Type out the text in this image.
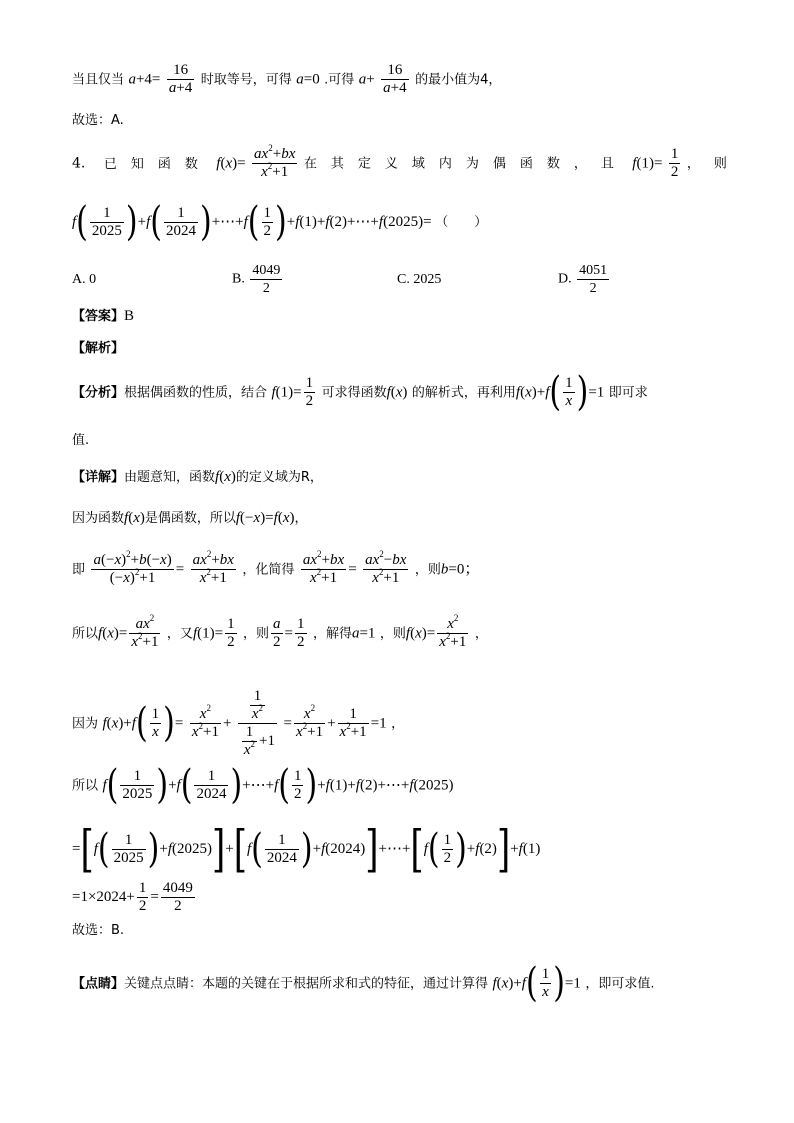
当且仅当 $a+4= \frac{16}{a+4}$ 时取等号，可得 a=0 .可得 $a+ \frac{16}{a+4}$ 的最小值为4，
故选：A.
4. 已知函数 $f(x)= \frac{ax^2+bx}{x^2+1}$ 在其定义域内为偶函数，且 $f(1)= \frac{1}{2}$ ，则
$f( \frac{1}{2025} )+f( \frac{1}{2024}$ )+⋯+f( $\frac{1}{2}$ )+f(1)+f(2)+⋯+f(2025)= （　　）
A. 0	B. $\frac{4049}{2}$	C. 2025	D. $\frac{4051}{2}$
【答案】B
【解析】
【分析】根据偶函数的性质，结合 $f(1)= \frac{1}{2}$ 可求得函数f(x) 的解析式，再利用$f(x)+f( \frac{1}{x} )=1$ 即可求
值.
【详解】由题意知，函数f(x)的定义域为R，
因为函数f(x)是偶函数，所以f(−x)=f(x)，
即 $\frac{a(-x)^2+b(-x)}{(-x)^2+1} = \frac{ax^2+bx}{x^2+1}$ ，化简得 $\frac{ax^2+bx}{x^2+1} = \frac{ax^2-bx}{x^2+1}$ ，则b=0；
所以$f(x)= \frac{ax^2}{x^2+1}$ ，又$f(1)= \frac{1}{2}$ ，则 $\frac{a}{2} = \frac{1}{2}$ ，解得a=1 ，则$f(x)= \frac{x^2}{x^2+1}$ ，
因为 $f(x)+f( \frac{1}{x}$ )= $\frac{x^2}{x^2+1} + \frac{\frac{1}{x^2}}{\frac{1}{x^2} +1} = \frac{x^2}{x^2+1} + \frac{1}{x^2+1} =1$ ，
所以 $f( \frac{1}{2025} )+f( \frac{1}{2024}$ )+⋯+f( $\frac{1}{2}$ )+f(1)+f(2)+⋯+f(2025)
$=[f( \frac{1}{2025} )+f(2025)]+[f( \frac{1}{2024}$ )+f(2024)]+⋯+[f( $\frac{1}{2} )+f(2)]+f(1)$
$=1\times 2024+ \frac{1}{2} = \frac{4049}{2}$
故选：B.
【点睛】关键点点睛：本题的关键在于根据所求和式的特征，通过计算得 $f(x)+f( \frac{1}{x} )=1$ ，即可求值.
